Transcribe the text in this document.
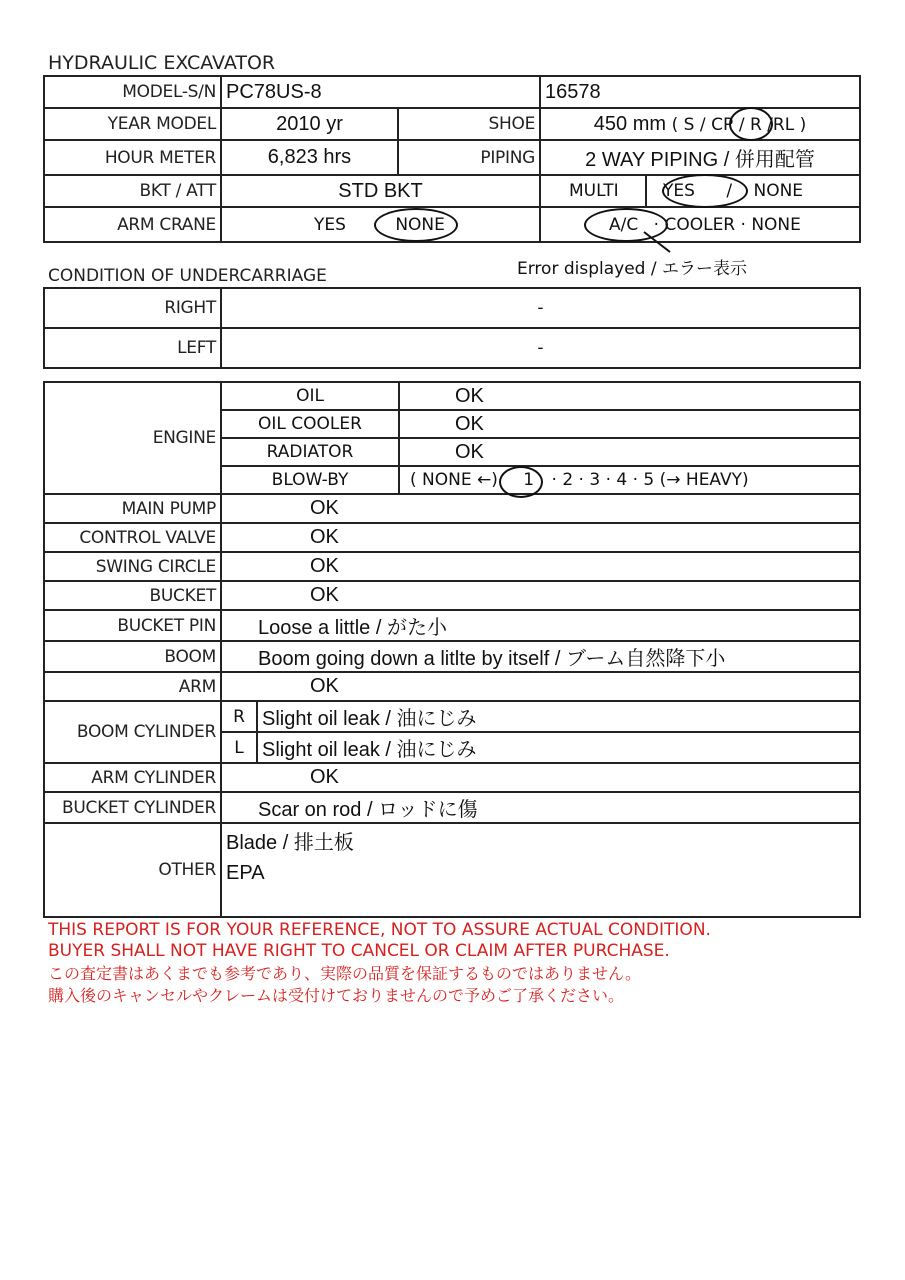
HYDRAULIC EXCAVATOR
MODEL-S/N	PC78US-8		16578	
YEAR MODEL	2010 yr	SHOE	450 mm ( S / CP / R /RL )	
HOUR METER	6,823 hrs	PIPING	2 WAY PIPING / 併用配管	
BKT / ATT	STD BKT		MULTI	YES / NONE
ARM CRANE	YES NONE		A/C · COOLER · NONE	
Error displayed / エラー表示
CONDITION OF UNDERCARRIAGE
RIGHT	-
LEFT	-
ENGINE	OIL		OK
	OIL COOLER		OK
	RADIATOR		OK
	BLOW-BY		( NONE ←) 1 · 2 · 3 · 4 · 5 (→ HEAVY)
MAIN PUMP	OK		
CONTROL VALVE	OK		
SWING CIRCLE	OK		
BUCKET	OK		
BUCKET PIN	Loose a little / がた小		
BOOM	Boom going down a litlte by itself / ブーム自然降下小		
ARM	OK		
BOOM CYLINDER	R	Slight oil leak / 油にじみ	
	L	Slight oil leak / 油にじみ	
ARM CYLINDER	OK		
BUCKET CYLINDER	Scar on rod / ロッドに傷		
OTHER	Blade / 排土板
EPA		
THIS REPORT IS FOR YOUR REFERENCE, NOT TO ASSURE ACTUAL CONDITION.
BUYER SHALL NOT HAVE RIGHT TO CANCEL OR CLAIM AFTER PURCHASE.
この査定書はあくまでも参考であり、実際の品質を保証するものではありません。
購入後のキャンセルやクレームは受付けておりませんので予めご了承ください。
